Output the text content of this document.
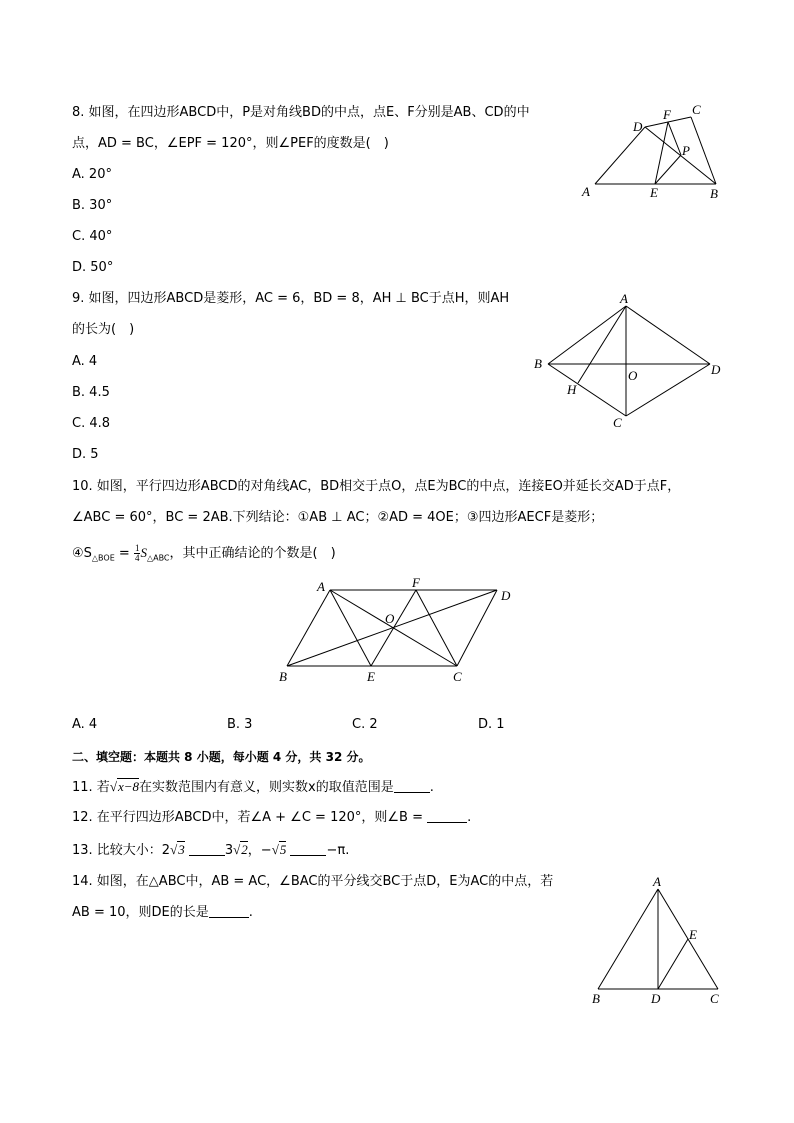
8. 如图，在四边形ABCD中，P是对角线BD的中点，点E、F分别是AB、CD的中
点，AD = BC，∠EPF = 120°，则∠PEF的度数是(　)
A. 20°
B. 30°
C. 40°
D. 50°
A	B
C
D
E
F
P
9. 如图，四边形ABCD是菱形，AC = 6，BD = 8，AH ⊥ BC于点H，则AH
的长为(　)
A. 4
B. 4.5
C. 4.8
D. 5
A
B
C
D
H
O
10. 如图，平行四边形ABCD的对角线AC，BD相交于点O，点E为BC的中点，连接EO并延长交AD于点F，
∠ABC = 60°，BC = 2AB.下列结论：①AB ⊥ AC；②AD = 4OE；③四边形AECF是菱形；
$④S_{\triangle BOE} = \frac{1}{4} S_{\triangle ABC}$，其中正确结论的个数是(　)
A
B	C
D
E
F
O
A. 4	B. 3	C. 2	D. 1
二、填空题：本题共 8 小题，每小题 4 分，共 32 分。
11. 若√x−8在实数范围内有意义，则实数x的取值范围是	.
12. 在平行四边形ABCD中，若∠A + ∠C = 120°，则∠B =	.
13. 比较大小：2√3	3√2，−√5	−π.
14. 如图，在△ABC中，AB = AC，∠BAC的平分线交BC于点D，E为AC的中点，若
AB = 10，则DE的长是	.
A
B	C
D
E
